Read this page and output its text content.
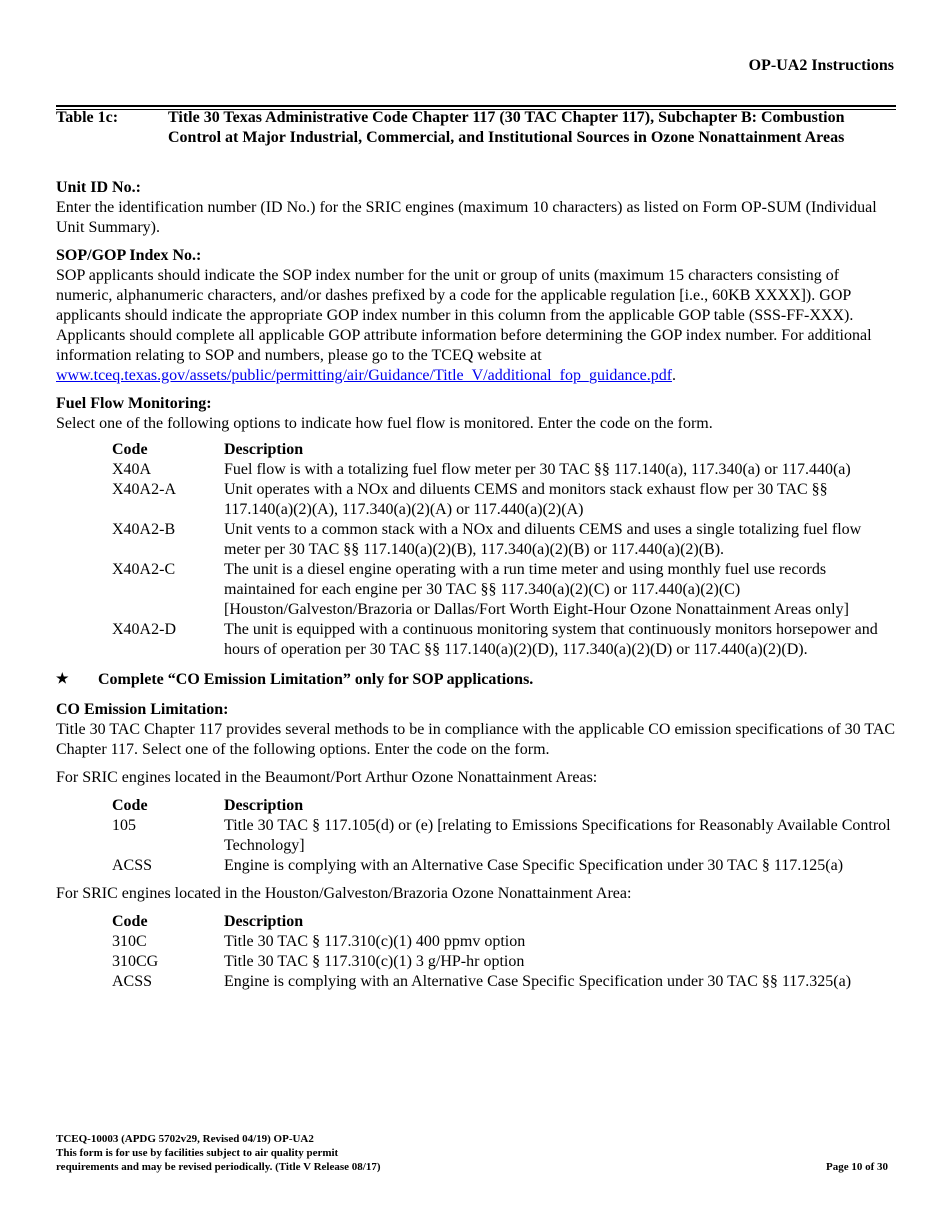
OP-UA2 Instructions
Table 1c:	Title 30 Texas Administrative Code Chapter 117 (30 TAC Chapter 117), Subchapter B: Combustion Control at Major Industrial, Commercial, and Institutional Sources in Ozone Nonattainment Areas

Unit ID No.:

Enter the identification number (ID No.) for the SRIC engines (maximum 10 characters) as listed on Form OP-SUM (Individual Unit Summary).

SOP/GOP Index No.:

SOP applicants should indicate the SOP index number for the unit or group of units (maximum 15 characters consisting of numeric, alphanumeric characters, and/or dashes prefixed by a code for the applicable regulation [i.e., 60KB XXXX]). GOP applicants should indicate the appropriate GOP index number in this column from the applicable GOP table (SSS-FF-XXX). Applicants should complete all applicable GOP attribute information before determining the GOP index number. For additional information relating to SOP and numbers, please go to the TCEQ website at
www.tceq.texas.gov/assets/public/permitting/air/Guidance/Title_V/additional_fop_guidance.pdf.

Fuel Flow Monitoring:

Select one of the following options to indicate how fuel flow is monitored. Enter the code on the form.

Code	Description
X40A	Fuel flow is with a totalizing fuel flow meter per 30 TAC §§ 117.140(a), 117.340(a) or 117.440(a)
X40A2-A	Unit operates with a NOx and diluents CEMS and monitors stack exhaust flow per 30 TAC §§ 117.140(a)(2)(A), 117.340(a)(2)(A) or 117.440(a)(2)(A)
X40A2-B	Unit vents to a common stack with a NOx and diluents CEMS and uses a single totalizing fuel flow meter per 30 TAC §§ 117.140(a)(2)(B), 117.340(a)(2)(B) or 117.440(a)(2)(B).
X40A2-C	The unit is a diesel engine operating with a run time meter and using monthly fuel use records maintained for each engine per 30 TAC §§ 117.340(a)(2)(C) or 117.440(a)(2)(C) [Houston/Galveston/Brazoria or Dallas/Fort Worth Eight-Hour Ozone Nonattainment Areas only]
X40A2-D	The unit is equipped with a continuous monitoring system that continuously monitors horsepower and hours of operation per 30 TAC §§ 117.140(a)(2)(D), 117.340(a)(2)(D) or 117.440(a)(2)(D).
★	Complete “CO Emission Limitation” only for SOP applications.

CO Emission Limitation:

Title 30 TAC Chapter 117 provides several methods to be in compliance with the applicable CO emission specifications of 30 TAC Chapter 117. Select one of the following options. Enter the code on the form.

For SRIC engines located in the Beaumont/Port Arthur Ozone Nonattainment Areas:

Code	Description
105	Title 30 TAC § 117.105(d) or (e) [relating to Emissions Specifications for Reasonably Available Control Technology]
ACSS	Engine is complying with an Alternative Case Specific Specification under 30 TAC § 117.125(a)

For SRIC engines located in the Houston/Galveston/Brazoria Ozone Nonattainment Area:

Code	Description
310C	Title 30 TAC § 117.310(c)(1) 400 ppmv option
310CG	Title 30 TAC § 117.310(c)(1) 3 g/HP-hr option
ACSS	Engine is complying with an Alternative Case Specific Specification under 30 TAC §§ 117.325(a)
TCEQ-10003 (APDG 5702v29, Revised 04/19) OP-UA2
This form is for use by facilities subject to air quality permit
requirements and may be revised periodically. (Title V Release 08/17)	Page 10 of 30
